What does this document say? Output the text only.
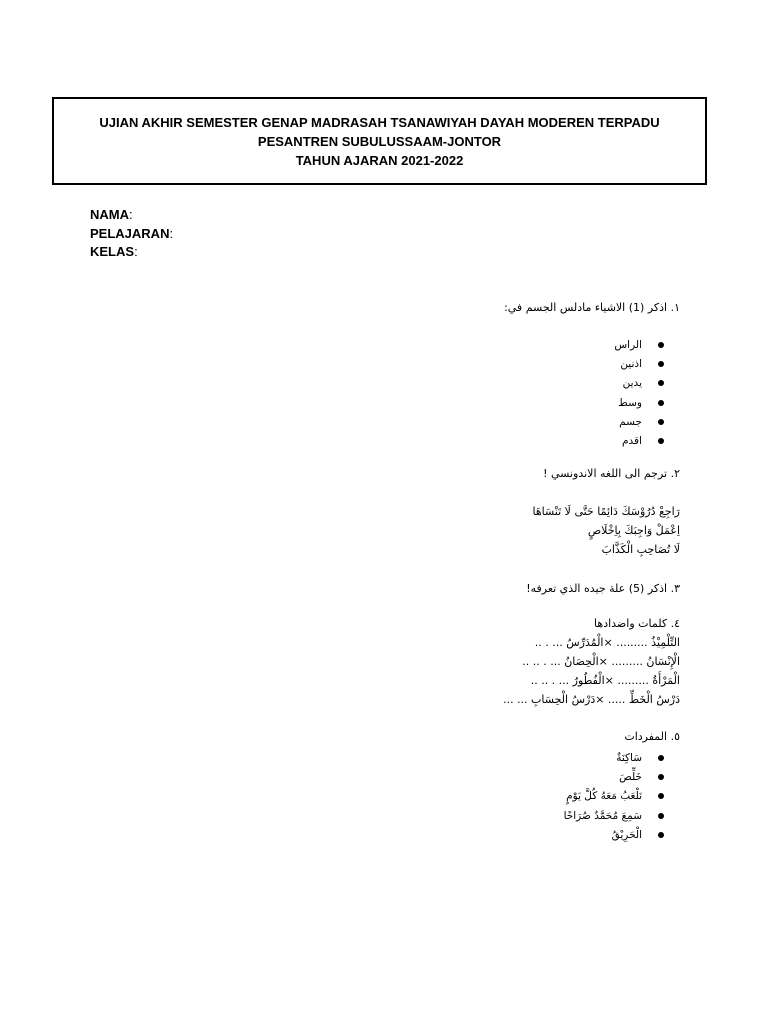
UJIAN AKHIR SEMESTER GENAP MADRASAH TSANAWIYAH DAYAH MODEREN TERPADU
PESANTREN SUBULUSSAAM-JONTOR
TAHUN AJARAN 2021-2022
NAMA:
PELAJARAN:
KELAS:
١. اذكر (1) الاشياء مادلس الجسم في:
الراس
اذنين
يدين
وسط
جسم
اقدم
٢. ترجم الى اللغه الاندونسي !
رَاجِعْ دُرُوْسَكَ دَائِمًا حَتَّى لَا تَنْسَاهَا
اِعْمَلْ وَاجِبَكَ بِاِخْلَاصٍ
لَا تُصَاحِبِ الْكَذَّابَ
٣. اذكر (5) علة جيده الذي تعرفه!
٤. كلمات واضدادها
التِّلْمِيْذُ ......... ×الْمُدَرِّسُ ... . ..
الْإِنْسَانُ ......... ×الْحِصَانُ ... . .. ..
الْمَرْأَةُ ......... ×الْفُطُورُ ... . .. ..
دَرْسُ الْخَطِّ ..... ×دَرْسُ الْحِسَابِ ... ...
٥. المفردات
سَاكِنَةٌ
خَلِّصَ
نَلْعَبُ مَعَهُ كُلَّ يَوْمٍ
سَمِعَ مُحَمَّدٌ صُرَاخًا
الْحَرِيْقُ
